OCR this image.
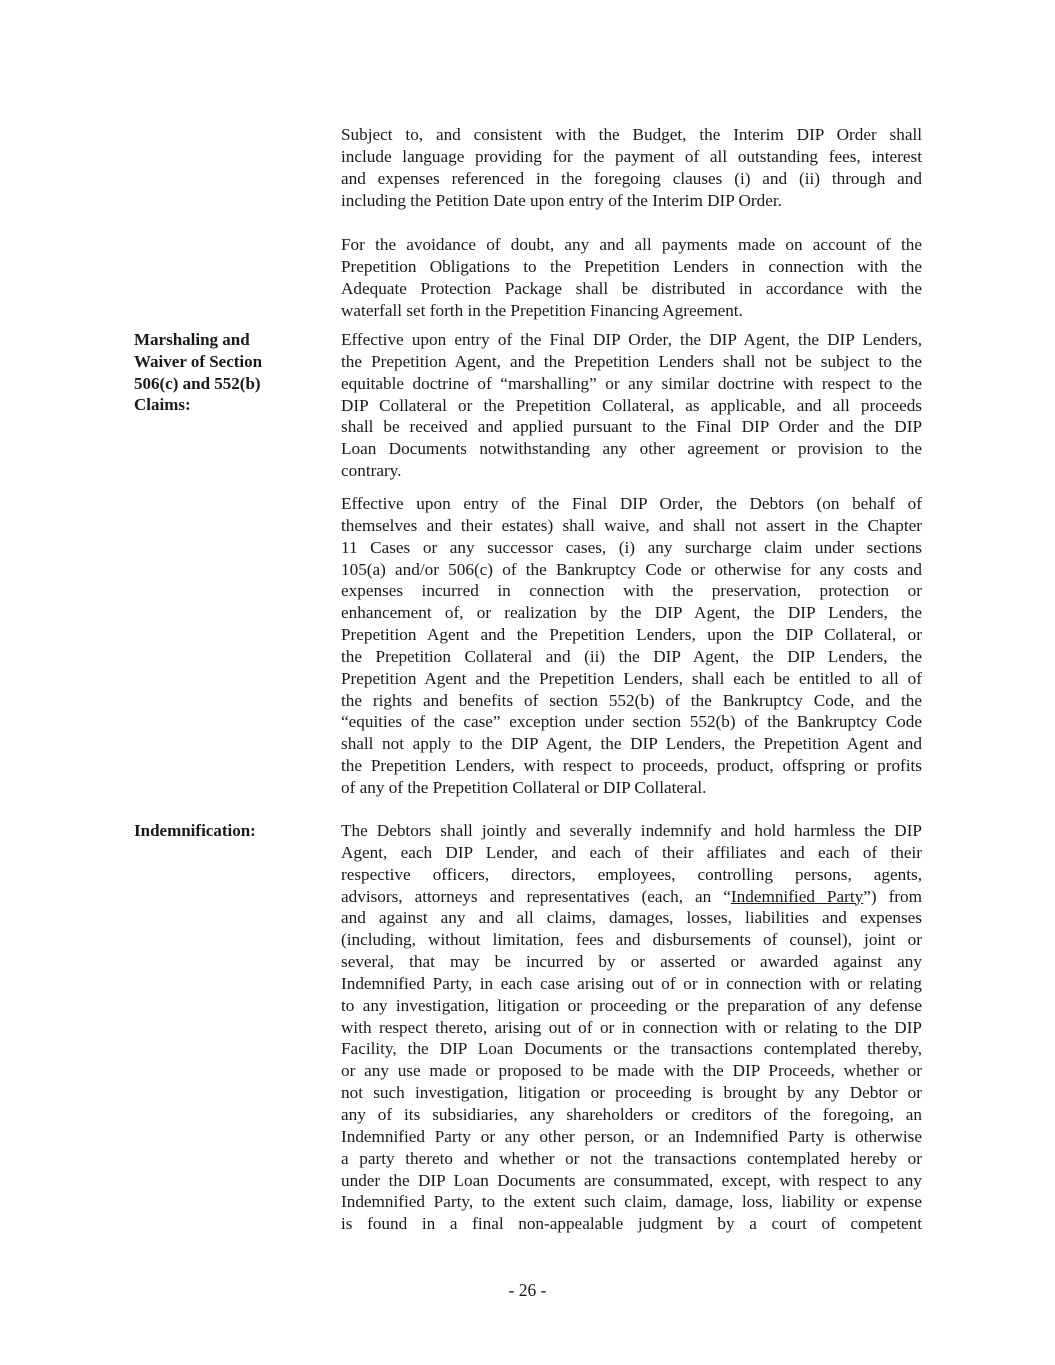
Subject to, and consistent with the Budget, the Interim DIP Order shall
include language providing for the payment of all outstanding fees, interest
and expenses referenced in the foregoing clauses (i) and (ii) through and
including the Petition Date upon entry of the Interim DIP Order.
For the avoidance of doubt, any and all payments made on account of the
Prepetition Obligations to the Prepetition Lenders in connection with the
Adequate Protection Package shall be distributed in accordance with the
waterfall set forth in the Prepetition Financing Agreement.
Marshaling and
Waiver of Section
506(c) and 552(b)
Claims:
Effective upon entry of the Final DIP Order, the DIP Agent, the DIP Lenders,
the Prepetition Agent, and the Prepetition Lenders shall not be subject to the
equitable doctrine of “marshalling” or any similar doctrine with respect to the
DIP Collateral or the Prepetition Collateral, as applicable, and all proceeds
shall be received and applied pursuant to the Final DIP Order and the DIP
Loan Documents notwithstanding any other agreement or provision to the
contrary.
Effective upon entry of the Final DIP Order, the Debtors (on behalf of
themselves and their estates) shall waive, and shall not assert in the Chapter
11 Cases or any successor cases, (i) any surcharge claim under sections
105(a) and/or 506(c) of the Bankruptcy Code or otherwise for any costs and
expenses incurred in connection with the preservation, protection or
enhancement of, or realization by the DIP Agent, the DIP Lenders, the
Prepetition Agent and the Prepetition Lenders, upon the DIP Collateral, or
the Prepetition Collateral and (ii) the DIP Agent, the DIP Lenders, the
Prepetition Agent and the Prepetition Lenders, shall each be entitled to all of
the rights and benefits of section 552(b) of the Bankruptcy Code, and the
“equities of the case” exception under section 552(b) of the Bankruptcy Code
shall not apply to the DIP Agent, the DIP Lenders, the Prepetition Agent and
the Prepetition Lenders, with respect to proceeds, product, offspring or profits
of any of the Prepetition Collateral or DIP Collateral.
Indemnification:	The Debtors shall jointly and severally indemnify and hold harmless the DIP
Agent, each DIP Lender, and each of their affiliates and each of their
respective officers, directors, employees, controlling persons, agents,
advisors, attorneys and representatives (each, an “Indemnified Party”) from
and against any and all claims, damages, losses, liabilities and expenses
(including, without limitation, fees and disbursements of counsel), joint or
several, that may be incurred by or asserted or awarded against any
Indemnified Party, in each case arising out of or in connection with or relating
to any investigation, litigation or proceeding or the preparation of any defense
with respect thereto, arising out of or in connection with or relating to the DIP
Facility, the DIP Loan Documents or the transactions contemplated thereby,
or any use made or proposed to be made with the DIP Proceeds, whether or
not such investigation, litigation or proceeding is brought by any Debtor or
any of its subsidiaries, any shareholders or creditors of the foregoing, an
Indemnified Party or any other person, or an Indemnified Party is otherwise
a party thereto and whether or not the transactions contemplated hereby or
under the DIP Loan Documents are consummated, except, with respect to any
Indemnified Party, to the extent such claim, damage, loss, liability or expense
is found in a final non-appealable judgment by a court of competent
- 26 -
